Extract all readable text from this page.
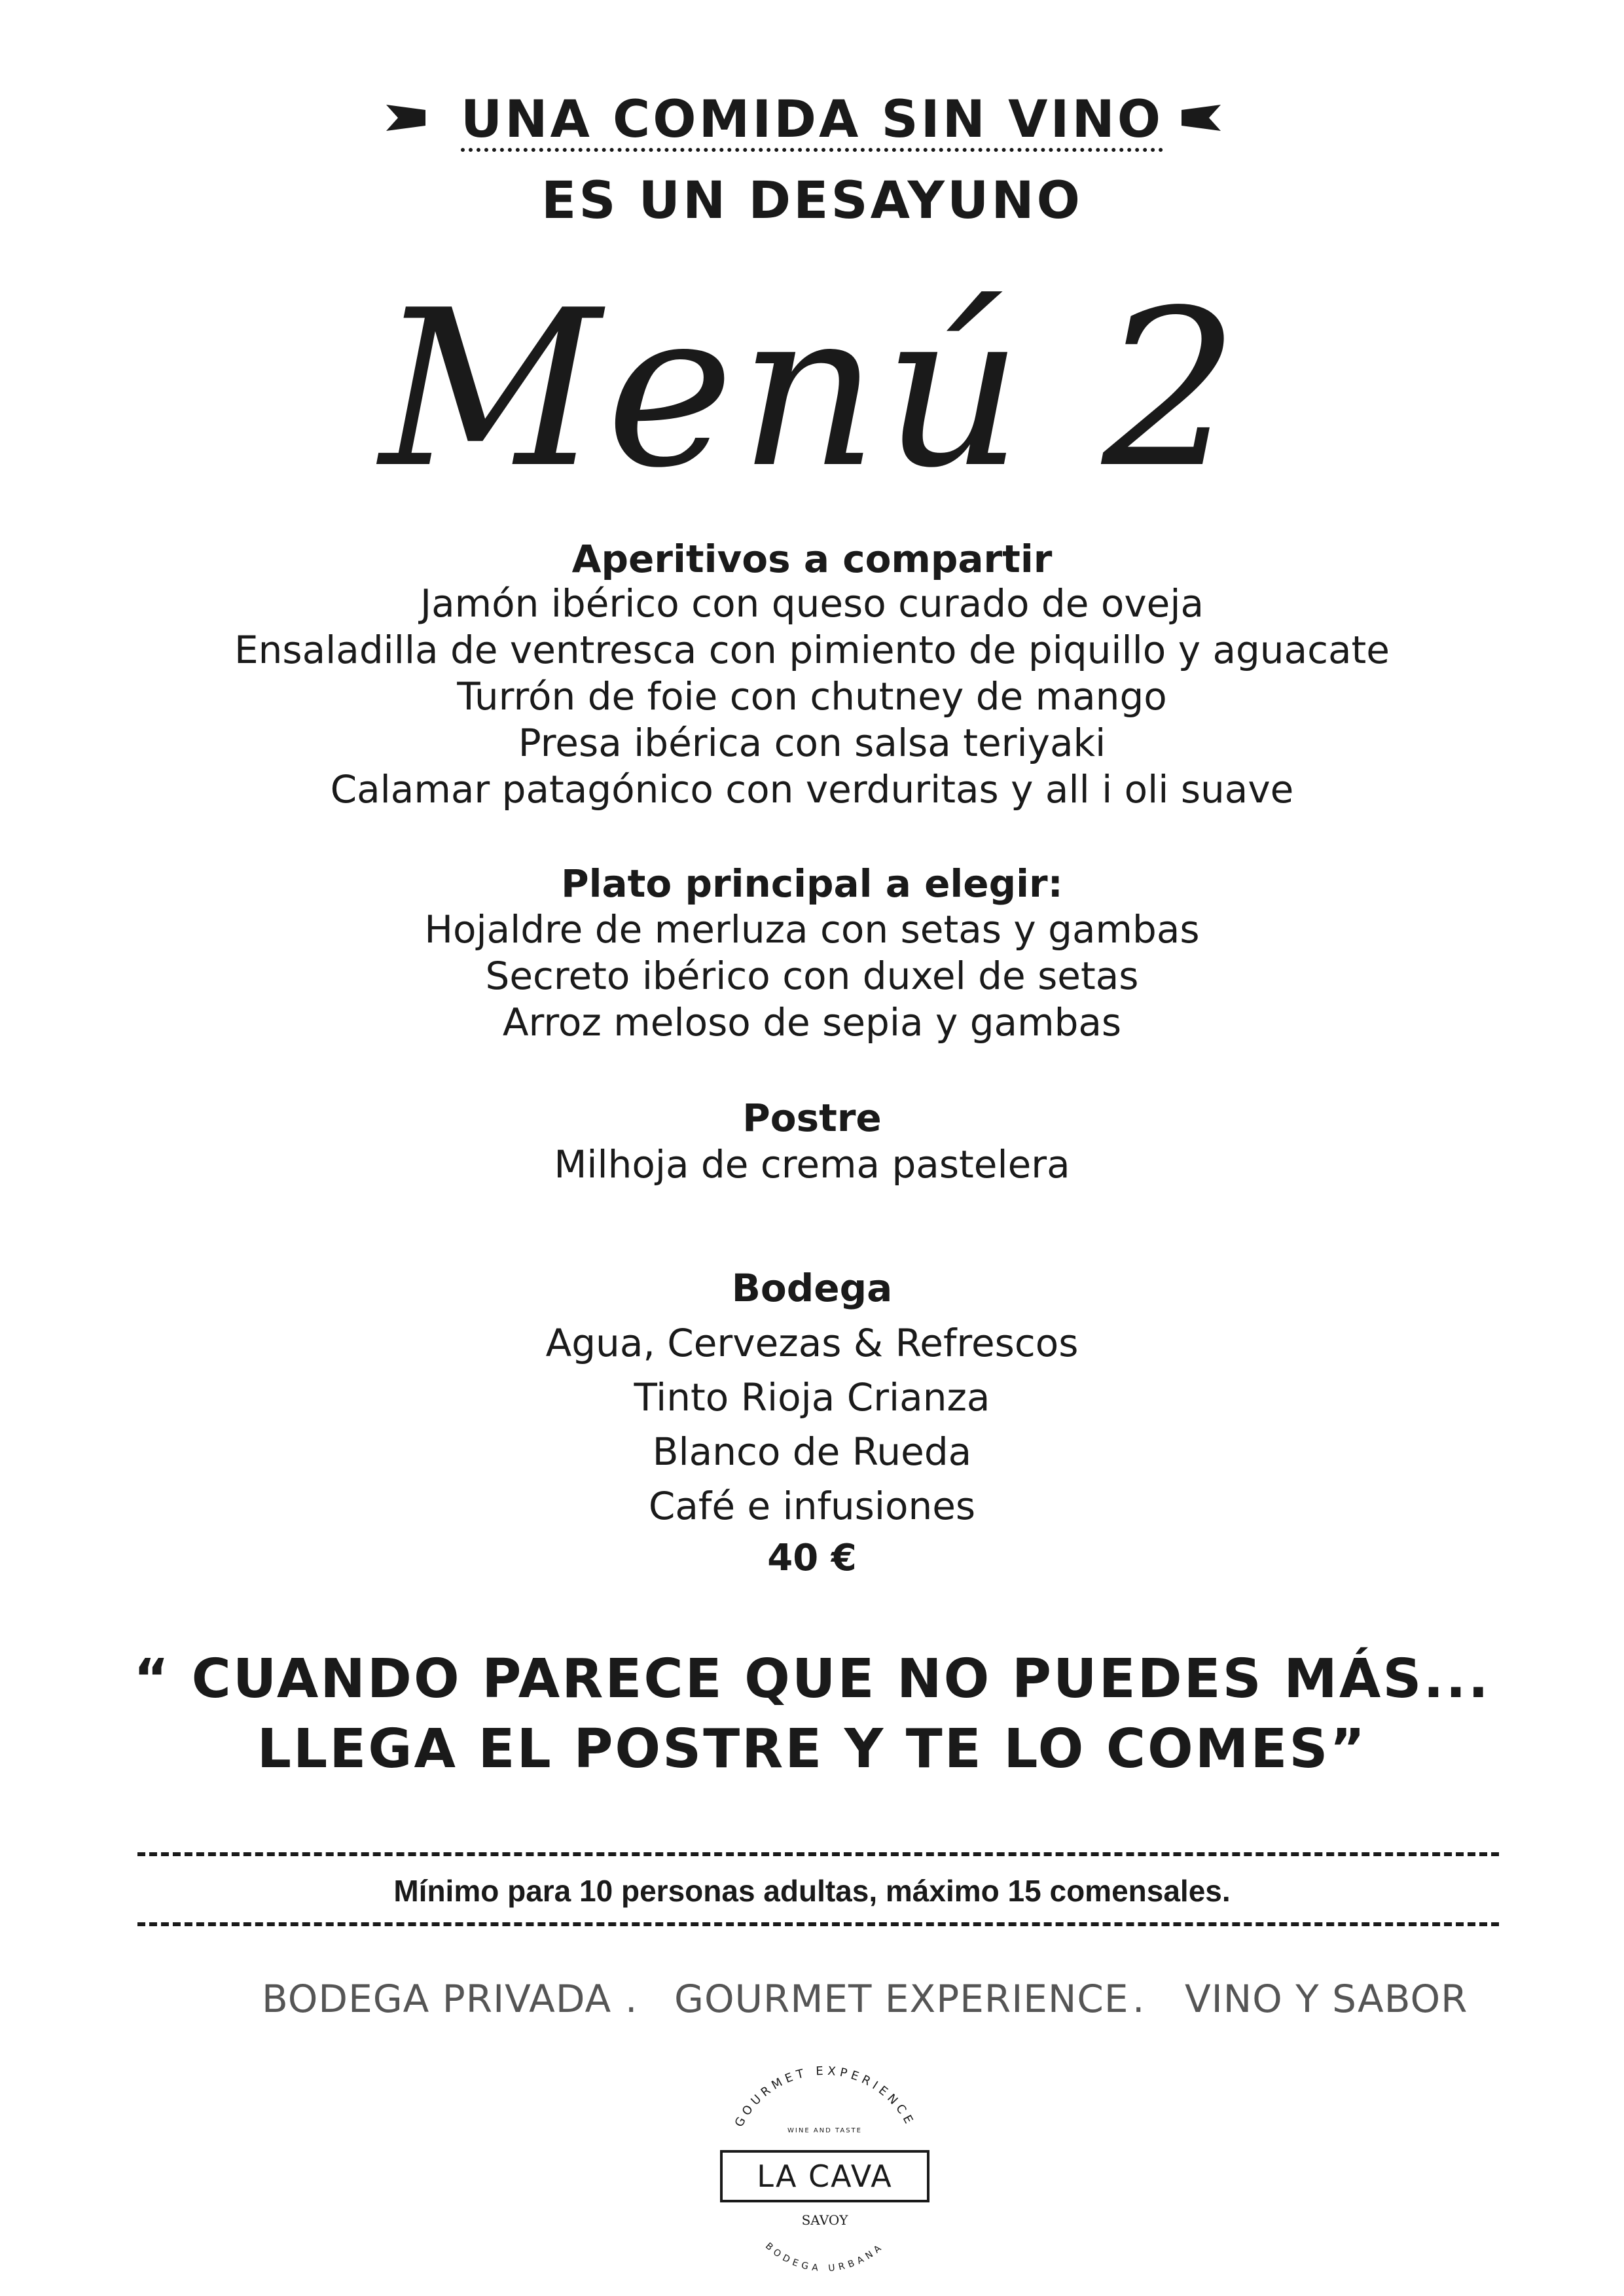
UNA COMIDA SIN VINO
ES UN DESAYUNO
Menú 2
Aperitivos a compartir
Jamón ibérico con queso curado de oveja
Ensaladilla de ventresca con pimiento de piquillo y aguacate
Turrón de foie con chutney de mango
Presa ibérica con salsa teriyaki
Calamar patagónico con verduritas y all i oli suave
Plato principal a elegir:
Hojaldre de merluza con setas y gambas
Secreto ibérico con duxel de setas
Arroz meloso de sepia y gambas
Postre
Milhoja de crema pastelera
Bodega
Agua, Cervezas & Refrescos
Tinto Rioja Crianza
Blanco de Rueda
Café e infusiones
40 €
“ CUANDO PARECE QUE NO PUEDES MÁS...
LLEGA EL POSTRE Y TE LO COMES”
Mínimo para 10 personas adultas, máximo 15 comensales.
BODEGA PRIVADA . GOURMET EXPERIENCE . VINO Y SABOR
GOURMET EXPERIENCE
WINE AND TASTE
BODEGA URBANA
LA CAVA
SAVOY
